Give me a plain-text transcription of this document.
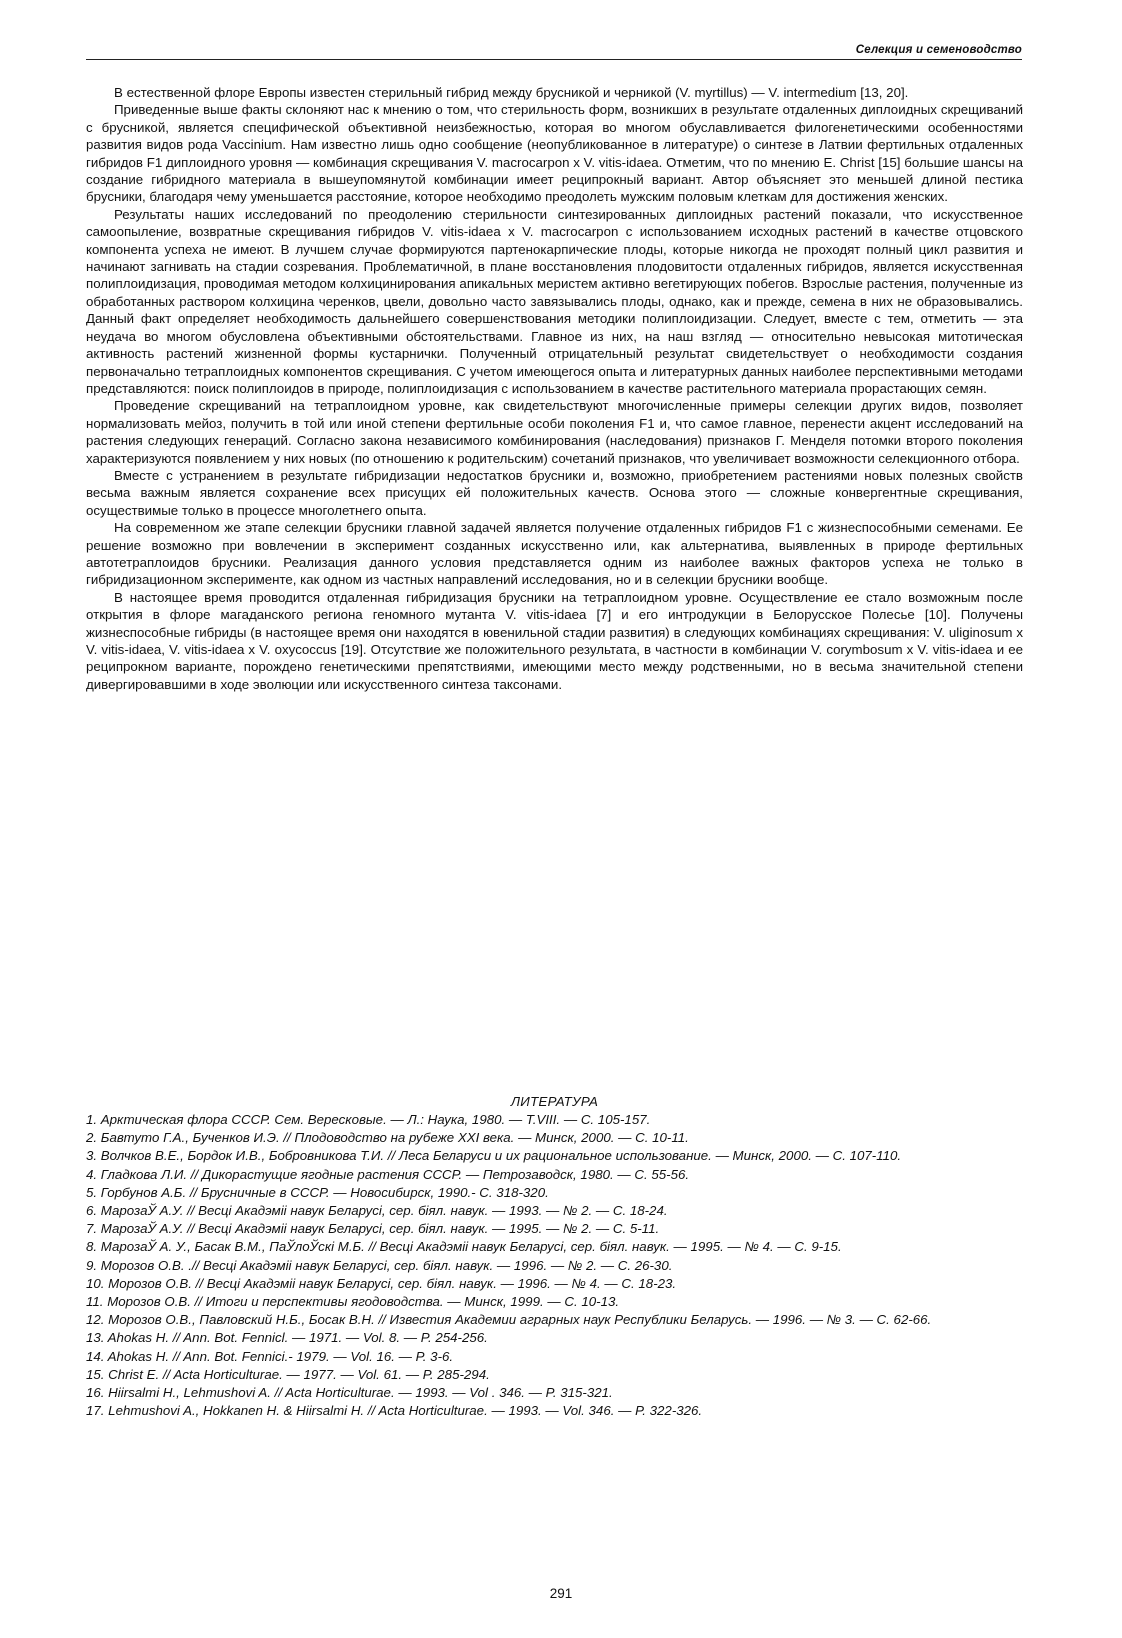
Селекция и семеноводство

В естественной флоре Европы известен стерильный гибрид между брусникой и черникой (V. myrtillus) — V. intermedium [13, 20].

Приведенные выше факты склоняют нас к мнению о том, что стерильность форм, возникших в результате отдаленных диплоидных скрещиваний с брусникой, является специфической объективной неизбежностью, которая во многом обуславливается филогенетическими особенностями развития видов рода Vaccinium. Нам известно лишь одно сообщение (неопубликованное в литературе) о синтезе в Латвии фертильных отдаленных гибридов F1 диплоидного уровня — комбинация скрещивания V. macrocarpon x V. vitis-idaea. Отметим, что по мнению E. Christ [15] большие шансы на создание гибридного материала в вышеупомянутой комбинации имеет реципрокный вариант. Автор объясняет это меньшей длиной пестика брусники, благодаря чему уменьшается расстояние, которое необходимо преодолеть мужским половым клеткам для достижения женских.

Результаты наших исследований по преодолению стерильности синтезированных диплоидных растений показали, что искусственное самоопыление, возвратные скрещивания гибридов V. vitis-idaea x V. macrocarpon с использованием исходных растений в качестве отцовского компонента успеха не имеют. В лучшем случае формируются партенокарпические плоды, которые никогда не проходят полный цикл развития и начинают загнивать на стадии созревания. Проблематичной, в плане восстановления плодовитости отдаленных гибридов, является искусственная полиплоидизация, проводимая методом колхицинирования апикальных меристем активно вегетирующих побегов. Взрослые растения, полученные из обработанных раствором колхицина черенков, цвели, довольно часто завязывались плоды, однако, как и прежде, семена в них не образовывались. Данный факт определяет необходимость дальнейшего совершенствования методики полиплоидизации. Следует, вместе с тем, отметить — эта неудача во многом обусловлена объективными обстоятельствами. Главное из них, на наш взгляд — относительно невысокая митотическая активность растений жизненной формы кустарнички. Полученный отрицательный результат свидетельствует о необходимости создания первоначально тетраплоидных компонентов скрещивания. С учетом имеющегося опыта и литературных данных наиболее перспективными методами представляются: поиск полиплоидов в природе, полиплоидизация с использованием в качестве растительного материала прорастающих семян.

Проведение скрещиваний на тетраплоидном уровне, как свидетельствуют многочисленные примеры селекции других видов, позволяет нормализовать мейоз, получить в той или иной степени фертильные особи поколения F1 и, что самое главное, перенести акцент исследований на растения следующих генераций. Согласно закона независимого комбинирования (наследования) признаков Г. Менделя потомки второго поколения характеризуются появлением у них новых (по отношению к родительским) сочетаний признаков, что увеличивает возможности селекционного отбора.

Вместе с устранением в результате гибридизации недостатков брусники и, возможно, приобретением растениями новых полезных свойств весьма важным является сохранение всех присущих ей положительных качеств. Основа этого — сложные конвергентные скрещивания, осуществимые только в процессе многолетнего опыта.

На современном же этапе селекции брусники главной задачей является получение отдаленных гибридов F1 с жизнеспособными семенами. Ее решение возможно при вовлечении в эксперимент созданных искусственно или, как альтернатива, выявленных в природе фертильных автотетраплоидов брусники. Реализация данного условия представляется одним из наиболее важных факторов успеха не только в гибридизационном эксперименте, как одном из частных направлений исследования, но и в селекции брусники вообще.

В настоящее время проводится отдаленная гибридизация брусники на тетраплоидном уровне. Осуществление ее стало возможным после открытия в флоре магаданского региона геномного мутанта V. vitis-idaea [7] и его интродукции в Белорусское Полесье [10]. Получены жизнеспособные гибриды (в настоящее время они находятся в ювенильной стадии развития) в следующих комбинациях скрещивания: V. uliginosum x V. vitis-idaea, V. vitis-idaea x V. oxycoccus [19]. Отсутствие же положительного результата, в частности в комбинации V. corymbosum x V. vitis-idaea и ее реципрокном варианте, порождено генетическими препятствиями, имеющими место между родственными, но в весьма значительной степени дивергировавшими в ходе эволюции или искусственного синтеза таксонами.

ЛИТЕРАТУРА
1. Арктическая флора СССР. Сем. Вересковые. — Л.: Наука, 1980. — T.VIII. — С. 105-157.
2. Бавтуто Г.А., Бученков И.Э. // Плодоводство на рубеже XXI века. — Минск, 2000. — С. 10-11.
3. Волчков В.Е., Бордок И.В., Бобровникова Т.И. // Леса Беларуси и их рациональное использование. — Минск, 2000. — С. 107-110.
4. Гладкова Л.И. // Дикорастущие ягодные растения СССР. — Петрозаводск, 1980. — С. 55-56.
5. Горбунов А.Б. // Брусничные в СССР. — Новосибирск, 1990.- С. 318-320.
6. МарозаЎ А.У. // Весцi Акадэмii навук Беларусi, сер. бiял. навук. — 1993. — № 2. — С. 18-24.
7. МарозаЎ А.У. // Весцi Акадэмii навук Беларусi, сер. бiял. навук. — 1995. — № 2. — С. 5-11.
8. МарозаЎ А. У., Басак В.М., ПаЎлоЎскi М.Б. // Весцi Акадэмii навук Беларусi, сер. бiял. навук. — 1995. — № 4. — С. 9-15.
9. Морозов О.В. .// Весцi Акадэмii навук Беларусi, сер. бiял. навук. — 1996. — № 2. — С. 26-30.
10. Морозов О.В. // Весцi Акадэмii навук Беларусi, сер. бiял. навук. — 1996. — № 4. — С. 18-23.
11. Морозов О.В. // Итоги и перспективы ягодоводства. — Минск, 1999. — С. 10-13.
12. Морозов О.В., Павловский Н.Б., Босак В.Н. // Известия Академии аграрных наук Республики Беларусь. — 1996. — № 3. — С. 62-66.
13. Ahokas H. // Ann. Bot. Fennicl. — 1971. — Vol. 8. — P. 254-256.
14. Ahokas H. // Ann. Bot. Fennici.- 1979. — Vol. 16. — P. 3-6.
15. Christ E. // Acta Horticulturae. — 1977. — Vol. 61. — P. 285-294.
16. Hiirsalmi H., Lehmushovi A. // Acta Horticulturae. — 1993. — Vol . 346. — P. 315-321.
17. Lehmushovi A., Hokkanen H. & Hiirsalmi H. // Acta Horticulturae. — 1993. — Vol. 346. — P. 322-326.
291
